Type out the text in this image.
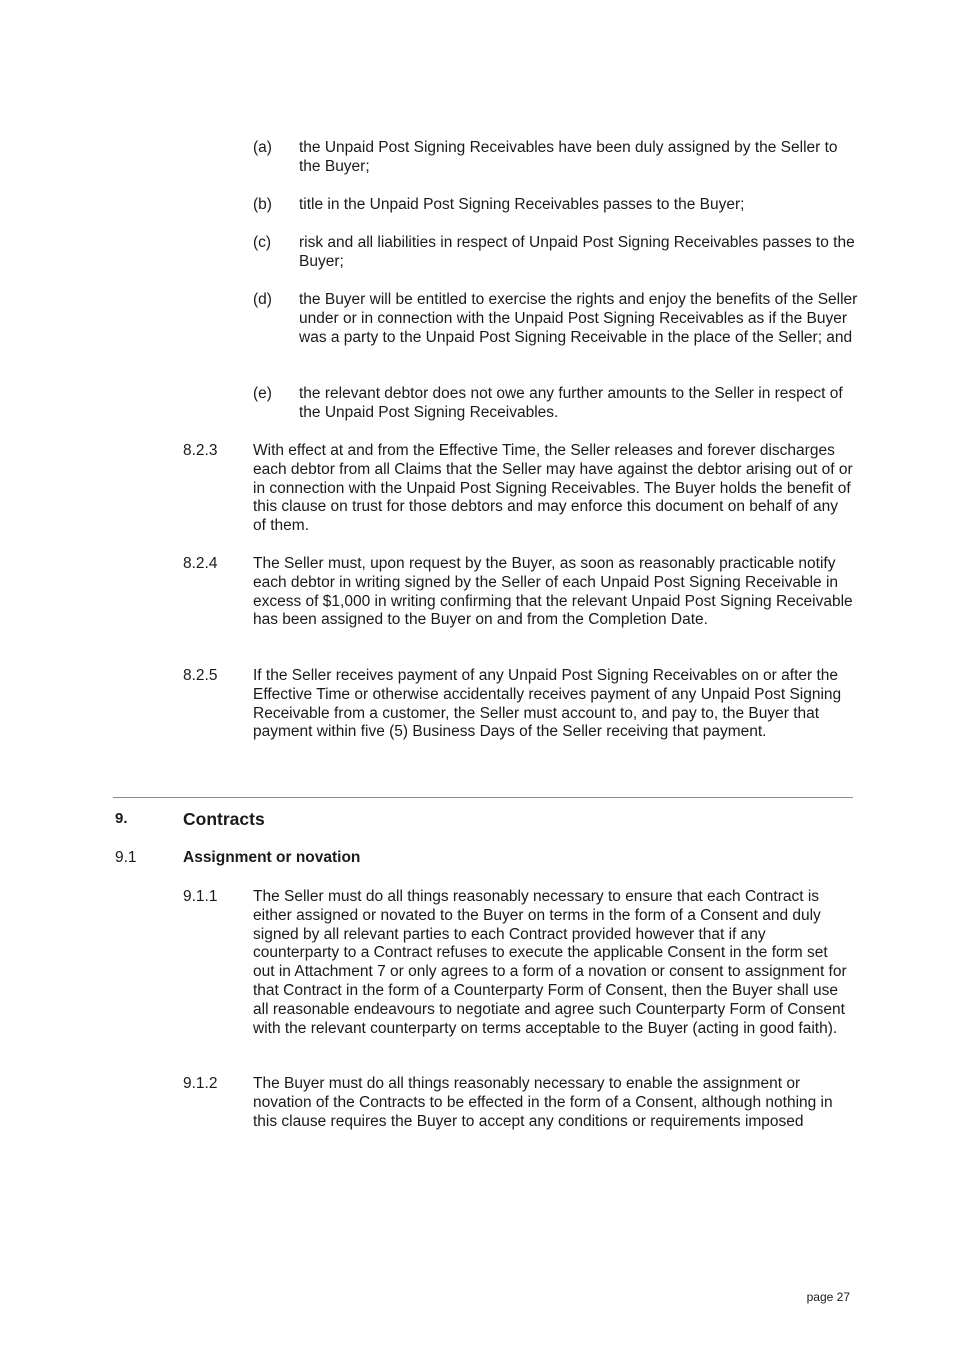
(a) the Unpaid Post Signing Receivables have been duly assigned by the Seller to the Buyer;
(b) title in the Unpaid Post Signing Receivables passes to the Buyer;
(c) risk and all liabilities in respect of Unpaid Post Signing Receivables passes to the Buyer;
(d) the Buyer will be entitled to exercise the rights and enjoy the benefits of the Seller under or in connection with the Unpaid Post Signing Receivables as if the Buyer was a party to the Unpaid Post Signing Receivable in the place of the Seller; and
(e) the relevant debtor does not owe any further amounts to the Seller in respect of the Unpaid Post Signing Receivables.
8.2.3 With effect at and from the Effective Time, the Seller releases and forever discharges each debtor from all Claims that the Seller may have against the debtor arising out of or in connection with the Unpaid Post Signing Receivables. The Buyer holds the benefit of this clause on trust for those debtors and may enforce this document on behalf of any of them.
8.2.4 The Seller must, upon request by the Buyer, as soon as reasonably practicable notify each debtor in writing signed by the Seller of each Unpaid Post Signing Receivable in excess of $1,000 in writing confirming that the relevant Unpaid Post Signing Receivable has been assigned to the Buyer on and from the Completion Date.
8.2.5 If the Seller receives payment of any Unpaid Post Signing Receivables on or after the Effective Time or otherwise accidentally receives payment of any Unpaid Post Signing Receivable from a customer, the Seller must account to, and pay to, the Buyer that payment within five (5) Business Days of the Seller receiving that payment.
9.	Contracts
9.1	Assignment or novation
9.1.1 The Seller must do all things reasonably necessary to ensure that each Contract is either assigned or novated to the Buyer on terms in the form of a Consent and duly signed by all relevant parties to each Contract provided however that if any counterparty to a Contract refuses to execute the applicable Consent in the form set out in Attachment 7 or only agrees to a form of a novation or consent to assignment for that Contract in the form of a Counterparty Form of Consent, then the Buyer shall use all reasonable endeavours to negotiate and agree such Counterparty Form of Consent with the relevant counterparty on terms acceptable to the Buyer (acting in good faith).
9.1.2 The Buyer must do all things reasonably necessary to enable the assignment or novation of the Contracts to be effected in the form of a Consent, although nothing in this clause requires the Buyer to accept any conditions or requirements imposed
page 27
